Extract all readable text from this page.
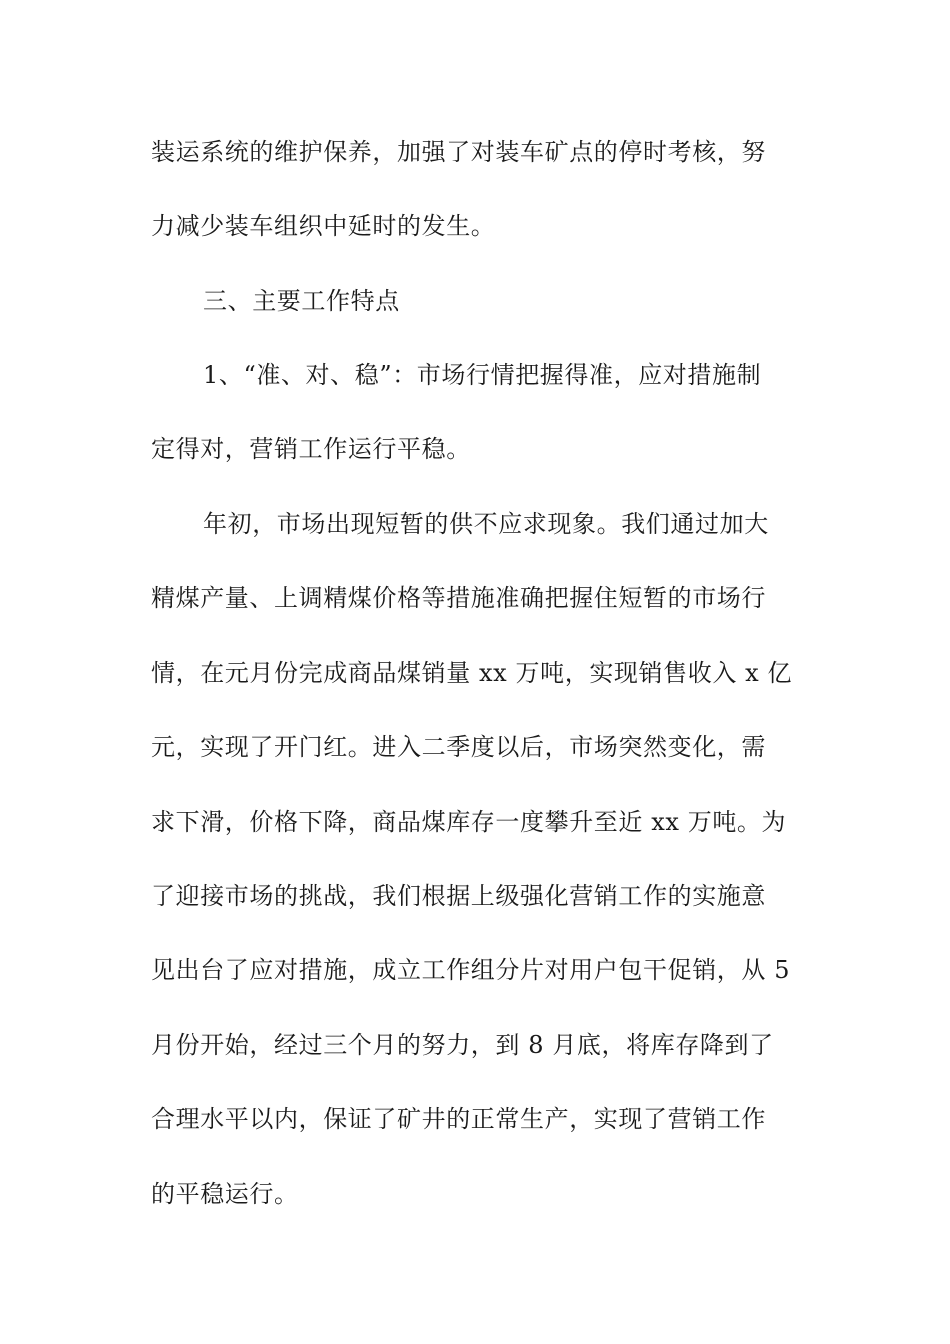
装运系统的维护保养，加强了对装车矿点的停时考核，努
力减少装车组织中延时的发生。
三、主要工作特点
1、“准、对、稳”：市场行情把握得准，应对措施制
定得对，营销工作运行平稳。
年初，市场出现短暂的供不应求现象。我们通过加大
精煤产量、上调精煤价格等措施准确把握住短暂的市场行
情，在元月份完成商品煤销量 xx 万吨，实现销售收入 x 亿
元，实现了开门红。进入二季度以后，市场突然变化，需
求下滑，价格下降，商品煤库存一度攀升至近 xx 万吨。为
了迎接市场的挑战，我们根据上级强化营销工作的实施意
见出台了应对措施，成立工作组分片对用户包干促销，从 5
月份开始，经过三个月的努力，到 8 月底，将库存降到了
合理水平以内，保证了矿井的正常生产，实现了营销工作
的平稳运行。
